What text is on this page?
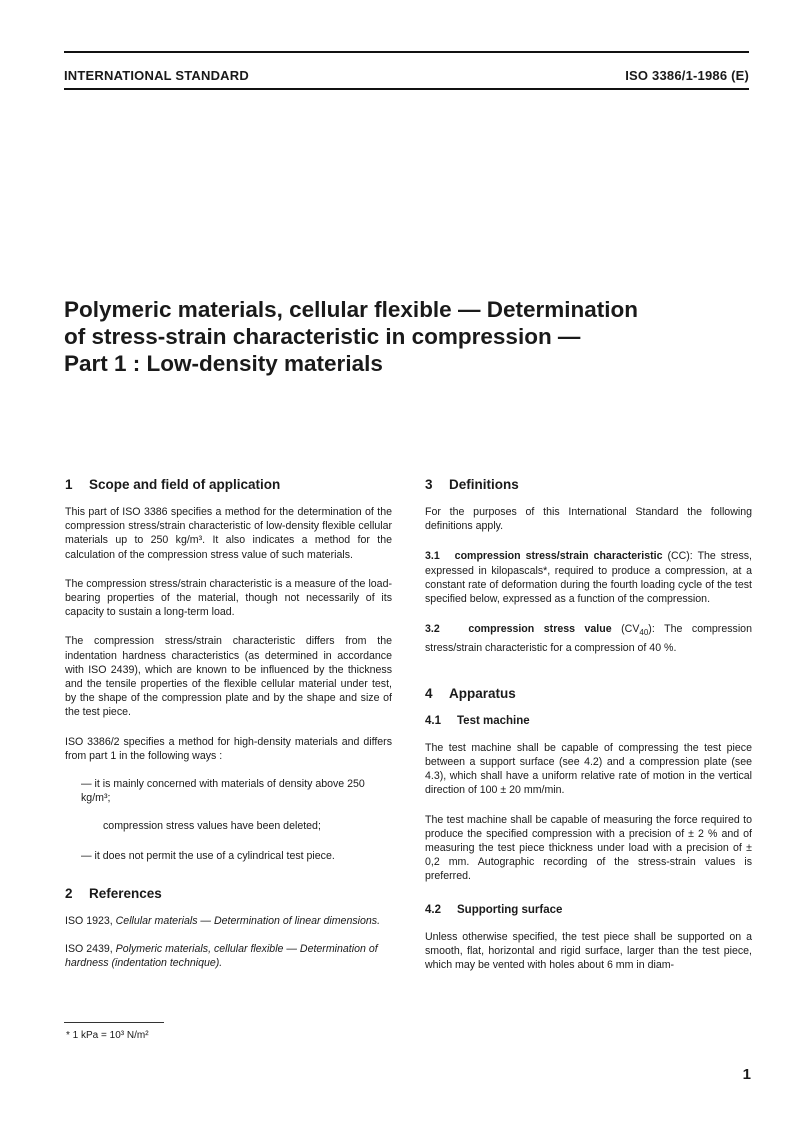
INTERNATIONAL STANDARD	ISO 3386/1-1986 (E)
Polymeric materials, cellular flexible — Determination
of stress-strain characteristic in compression —
Part 1 : Low-density materials
1 Scope and field of application

This part of ISO 3386 specifies a method for the determination of the compression stress/strain characteristic of low-density flexible cellular materials up to 250 kg/m³. It also indicates a method for the calculation of the compression stress value of such materials.

The compression stress/strain characteristic is a measure of the load-bearing properties of the material, though not necessarily of its capacity to sustain a long-term load.

The compression stress/strain characteristic differs from the indentation hardness characteristics (as determined in accordance with ISO 2439), which are known to be influenced by the thickness and the tensile properties of the flexible cellular material under test, by the shape of the compression plate and by the shape and size of the test piece.

ISO 3386/2 specifies a method for high-density materials and differs from part 1 in the following ways :

— it is mainly concerned with materials of density above 250 kg/m³;

compression stress values have been deleted;

— it does not permit the use of a cylindrical test piece.

2 References

ISO 1923, Cellular materials — Determination of linear dimensions.

ISO 2439, Polymeric materials, cellular flexible — Determination of hardness (indentation technique).

3 Definitions

For the purposes of this International Standard the following definitions apply.

3.1 compression stress/strain characteristic (CC): The stress, expressed in kilopascals*, required to produce a compression, at a constant rate of deformation during the fourth loading cycle of the test specified below, expressed as a function of the compression.

3.2	compression stress value $(CV_{40})$: The compression stress/strain characteristic for a compression of 40 %.

4 Apparatus
4.1 Test machine

The test machine shall be capable of compressing the test piece between a support surface (see 4.2) and a compression plate (see 4.3), which shall have a uniform relative rate of motion in the vertical direction of 100 ± 20 mm/min.

The test machine shall be capable of measuring the force required to produce the specified compression with a precision of ± 2 % and of measuring the test piece thickness under load with a precision of ± 0,2 mm. Autographic recording of the stress-strain values is preferred.

4.2 Supporting surface

Unless otherwise specified, the test piece shall be supported on a smooth, flat, horizontal and rigid surface, larger than the test piece, which may be vented with holes about 6 mm in diam-

* 1 kPa = 10³ N/m²
1
